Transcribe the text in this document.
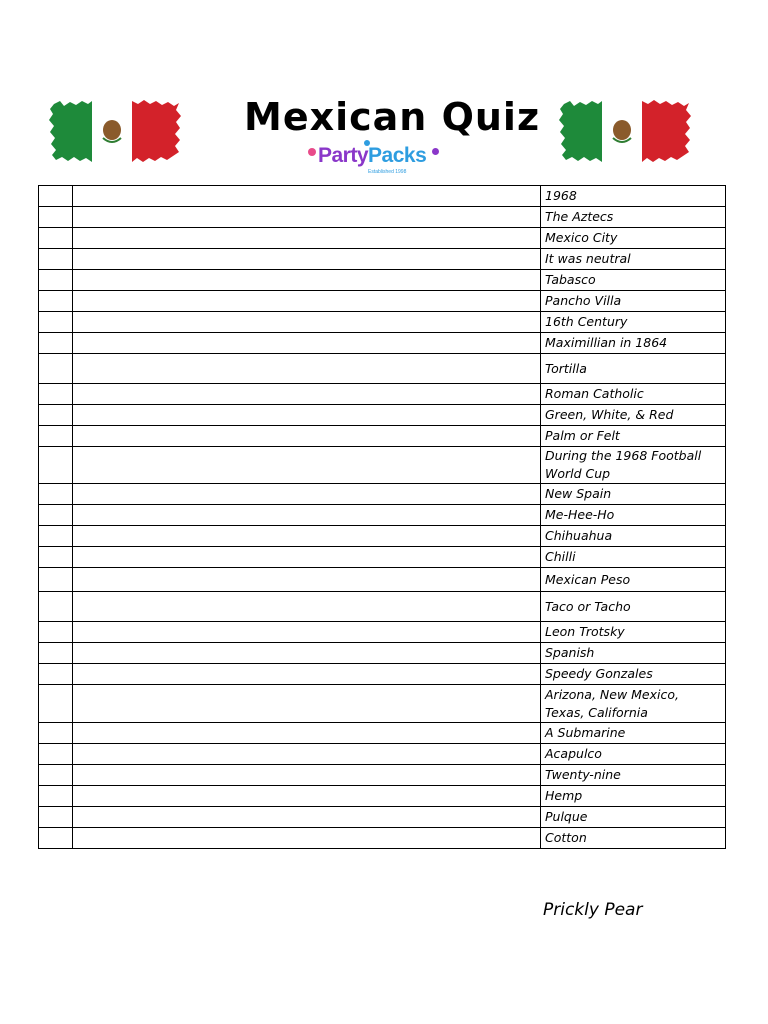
Mexican Quiz
PartyPacks
Established 1998
		1968
		The Aztecs
		Mexico City
		It was neutral
		Tabasco
		Pancho Villa
		16th Century
		Maximillian in 1864
		Tortilla
		Roman Catholic
		Green, White, & Red
		Palm or Felt
		During the 1968 Football World Cup
		New Spain
		Me-Hee-Ho
		Chihuahua
		Chilli
		Mexican Peso
		Taco or Tacho
		Leon Trotsky
		Spanish
		Speedy Gonzales
		Arizona, New Mexico, Texas, California
		A Submarine
		Acapulco
		Twenty-nine
		Hemp
		Pulque
		Cotton
Prickly Pear
